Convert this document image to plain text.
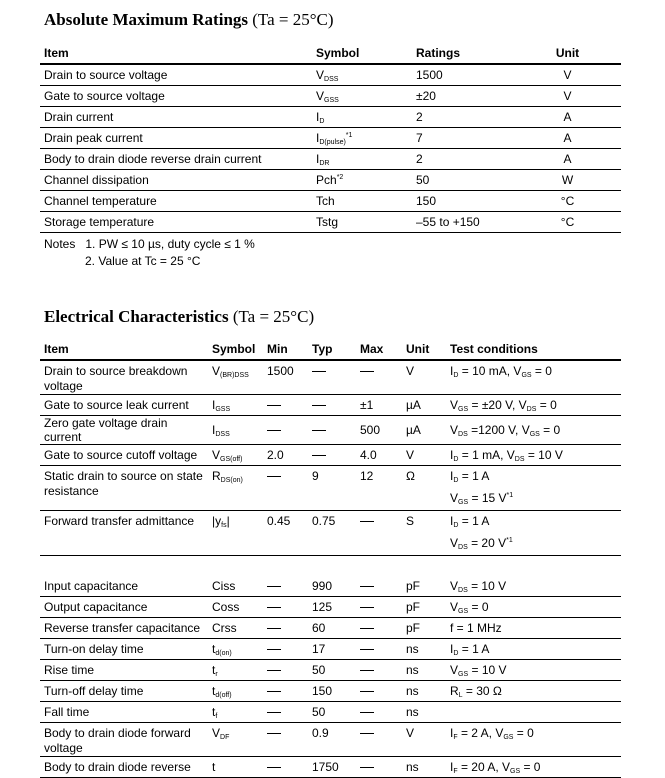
Absolute Maximum Ratings (Ta = 25°C)
Item	Symbol	Ratings	Unit
Drain to source voltage	$V_{DSS}$	1500	V
Gate to source voltage	$V_{GSS}$	±20	V
Drain current	$I_D$	2	A
Drain peak current	$I_{D(pulse)}^{*1}$	7	A
Body to drain diode reverse drain current	$I_{DR}$	2	A
Channel dissipation	Pch$^{*2}$	50	W
Channel temperature	Tch	150	°C
Storage temperature	Tstg	–55 to +150	°C
Notes 1. PW ≤ 10 µs, duty cycle ≤ 1 %
2. Value at Tc = 25 °C
Electrical Characteristics (Ta = 25°C)
Item	Symbol	Min	Typ	Max	Unit	Test conditions
Drain to source breakdown voltage	$V_{(BR)DSS}$	1500			V	$I_D = 10$ mA, $V_{GS} = 0$

Gate to source leak current	$I_{GSS}$			±1	µA	$V_{GS} = \pm 20$ V, $V_{DS} = 0$

Zero gate voltage drain current	$I_{DSS}$			500	µA	$V_{DS} =1200$ V, $V_{GS} = 0$

Gate to source cutoff voltage	$V_{GS(off)}$	2.0		4.0	V	$I_D = 1$ mA, $V_{DS} = 10$ V

Static drain to source on state resistance	$R_{DS(on)}$		9	12	Ω	$I_D = 1$ A
$V_{GS} = 15$ $V^{*1}$

Forward transfer admittance	$|y_{fs}|$	0.45	0.75		S	$I_D = 1$ A
$V_{DS} = 20$ $V^{*1}$

Input capacitance	Ciss		990		pF	$V_{DS} = 10$ V

Output capacitance	Coss		125		pF	$V_{GS} = 0$

Reverse transfer capacitance	Crss		60		pF	f = 1 MHz

Turn-on delay time	$t_{d(on)}$		17		ns	$I_D = 1$ A

Rise time	$t_r$		50		ns	$V_{GS} = 10$ V

Turn-off delay time	$t_{d(off)}$		150		ns	$R_L = 30$ Ω

Fall time	$t_f$		50		ns	
Body to drain diode forward voltage	$V_{DF}$		0.9		V	$I_F = 2$ A, $V_{GS} = 0$

Body to drain diode reverse	t		1750		ns	$I_F = 20$ A, $V_{GS} = 0$
